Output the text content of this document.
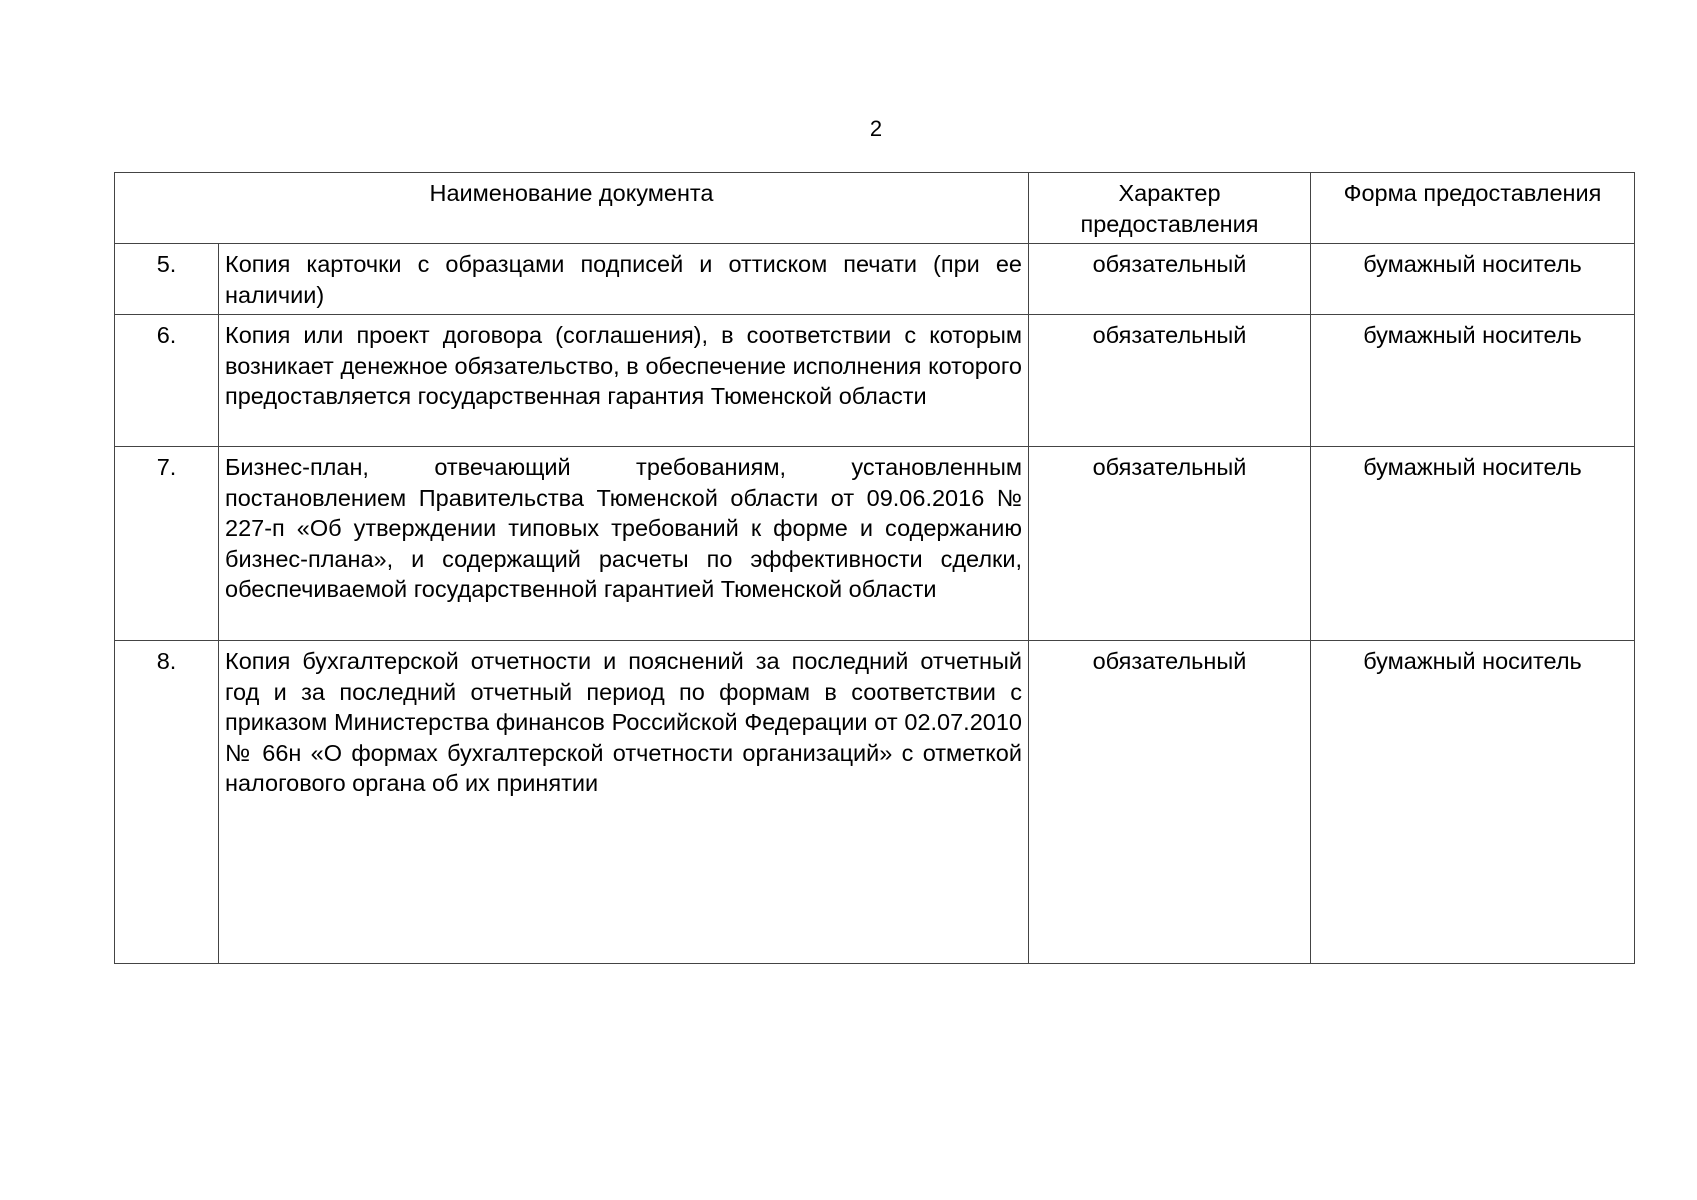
2
Наименование документа		Характер предоставления	Форма предоставления
5.	Копия карточки с образцами подписей и оттиском печати (при ее наличии)	обязательный	бумажный носитель
6.	Копия или проект договора (соглашения), в соответствии с которым возникает денежное обязательство, в обеспечение исполнения которого предоставляется государственная гарантия Тюменской области	обязательный	бумажный носитель
7.	Бизнес-план, отвечающий требованиям, установленным постановлением Правительства Тюменской области от 09.06.2016 № 227-п «Об утверждении типовых требований к форме и содержанию бизнес-плана», и содержащий расчеты по эффективности сделки, обеспечиваемой государственной гарантией Тюменской области	обязательный	бумажный носитель
8.	Копия бухгалтерской отчетности и пояснений за последний отчетный год и за последний отчетный период по формам в соответствии с приказом Министерства финансов Российской Федерации от 02.07.2010 № 66н «О формах бухгалтерской отчетности организаций» с отметкой налогового органа об их принятии	обязательный	бумажный носитель
